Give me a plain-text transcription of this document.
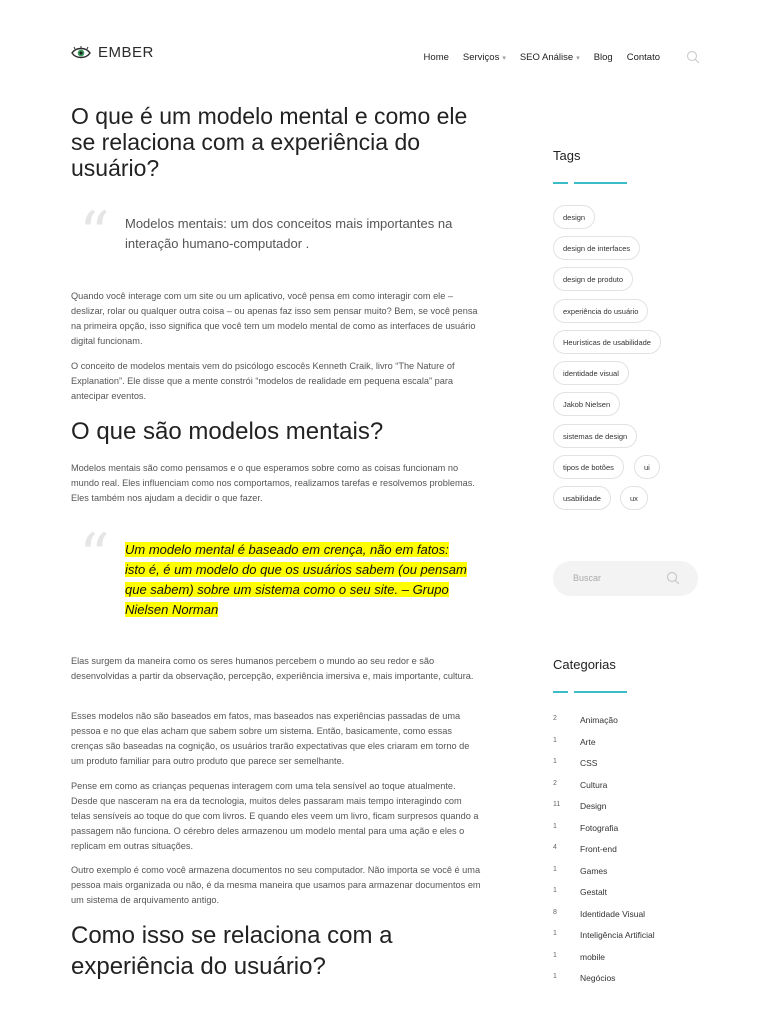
EMBER	Home Serviços ▾ SEO Análise ▾ Blog Contato
O que é um modelo mental e como ele se relaciona com a experiência do usuário?
“ Modelos mentais: um dos conceitos mais importantes na interação humano-computador .

Quando você interage com um site ou um aplicativo, você pensa em como interagir com ele – deslizar, rolar ou qualquer outra coisa – ou apenas faz isso sem pensar muito? Bem, se você pensa na primeira opção, isso significa que você tem um modelo mental de como as interfaces de usuário digital funcionam.

O conceito de modelos mentais vem do psicólogo escocês Kenneth Craik, livro “The Nature of Explanation”. Ele disse que a mente constrói “modelos de realidade em pequena escala” para antecipar eventos.

O que são modelos mentais?

Modelos mentais são como pensamos e o que esperamos sobre como as coisas funcionam no mundo real. Eles influenciam como nos comportamos, realizamos tarefas e resolvemos problemas. Eles também nos ajudam a decidir o que fazer.

“ Um modelo mental é baseado em crença, não em fatos: isto é, é um modelo do que os usuários sabem (ou pensam que sabem) sobre um sistema como o seu site. – Grupo Nielsen Norman

Elas surgem da maneira como os seres humanos percebem o mundo ao seu redor e são desenvolvidas a partir da observação, percepção, experiência imersiva e, mais importante, cultura.

Esses modelos não são baseados em fatos, mas baseados nas experiências passadas de uma pessoa e no que elas acham que sabem sobre um sistema. Então, basicamente, como essas crenças são baseadas na cognição, os usuários trarão expectativas que eles criaram em torno de um produto familiar para outro produto que parece ser semelhante.

Pense em como as crianças pequenas interagem com uma tela sensível ao toque atualmente. Desde que nasceram na era da tecnologia, muitos deles passaram mais tempo interagindo com telas sensíveis ao toque do que com livros. E quando eles veem um livro, ficam surpresos quando a passagem não funciona. O cérebro deles armazenou um modelo mental para uma ação e eles o replicam em outras situações.

Outro exemplo é como você armazena documentos no seu computador. Não importa se você é uma pessoa mais organizada ou não, é da mesma maneira que usamos para armazenar documentos em um sistema de arquivamento antigo.

Como isso se relaciona com a experiência do usuário?
Tags
design
design de interfaces
design de produto
experiência do usuário
Heurísticas de usabilidade
identidade visual
Jakob Nielsen
sistemas de design
tipos de botões	ui
usabilidade	ux
Categorias
2	Animação
1	Arte
1	CSS
2	Cultura
11 Design
1	Fotografia
4	Front-end
1	Games
1	Gestalt
8	Identidade Visual
1	Inteligência Artificial
1	mobile
1	Negócios
Buscar
